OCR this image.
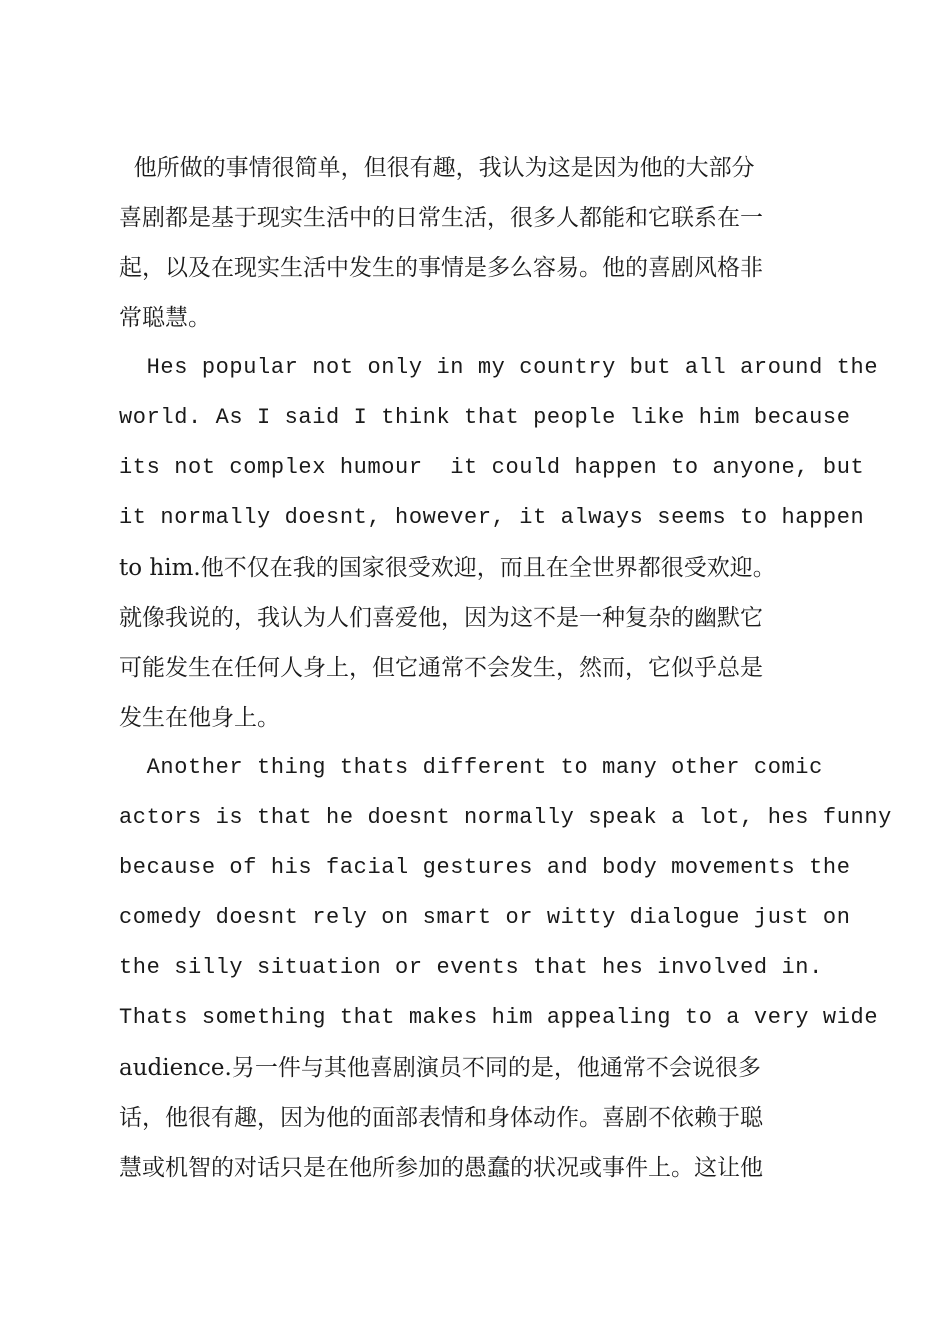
他所做的事情很简单，但很有趣，我认为这是因为他的大部分

喜剧都是基于现实生活中的日常生活，很多人都能和它联系在一

起，以及在现实生活中发生的事情是多么容易。他的喜剧风格非

常聪慧。

Hes popular not only in my country but all around the

world. As I said I think that people like him because

its not complex humour  it could happen to anyone, but

it normally doesnt, however, it always seems to happen

to him.他不仅在我的国家很受欢迎，而且在全世界都很受欢迎。

就像我说的，我认为人们喜爱他，因为这不是一种复杂的幽默它

可能发生在任何人身上，但它通常不会发生，然而，它似乎总是

发生在他身上。

Another thing thats different to many other comic

actors is that he doesnt normally speak a lot, hes funny

because of his facial gestures and body movements the

comedy doesnt rely on smart or witty dialogue just on

the silly situation or events that hes involved in.

Thats something that makes him appealing to a very wide

audience.另一件与其他喜剧演员不同的是，他通常不会说很多

话，他很有趣，因为他的面部表情和身体动作。喜剧不依赖于聪

慧或机智的对话只是在他所参加的愚蠢的状况或事件上。这让他
